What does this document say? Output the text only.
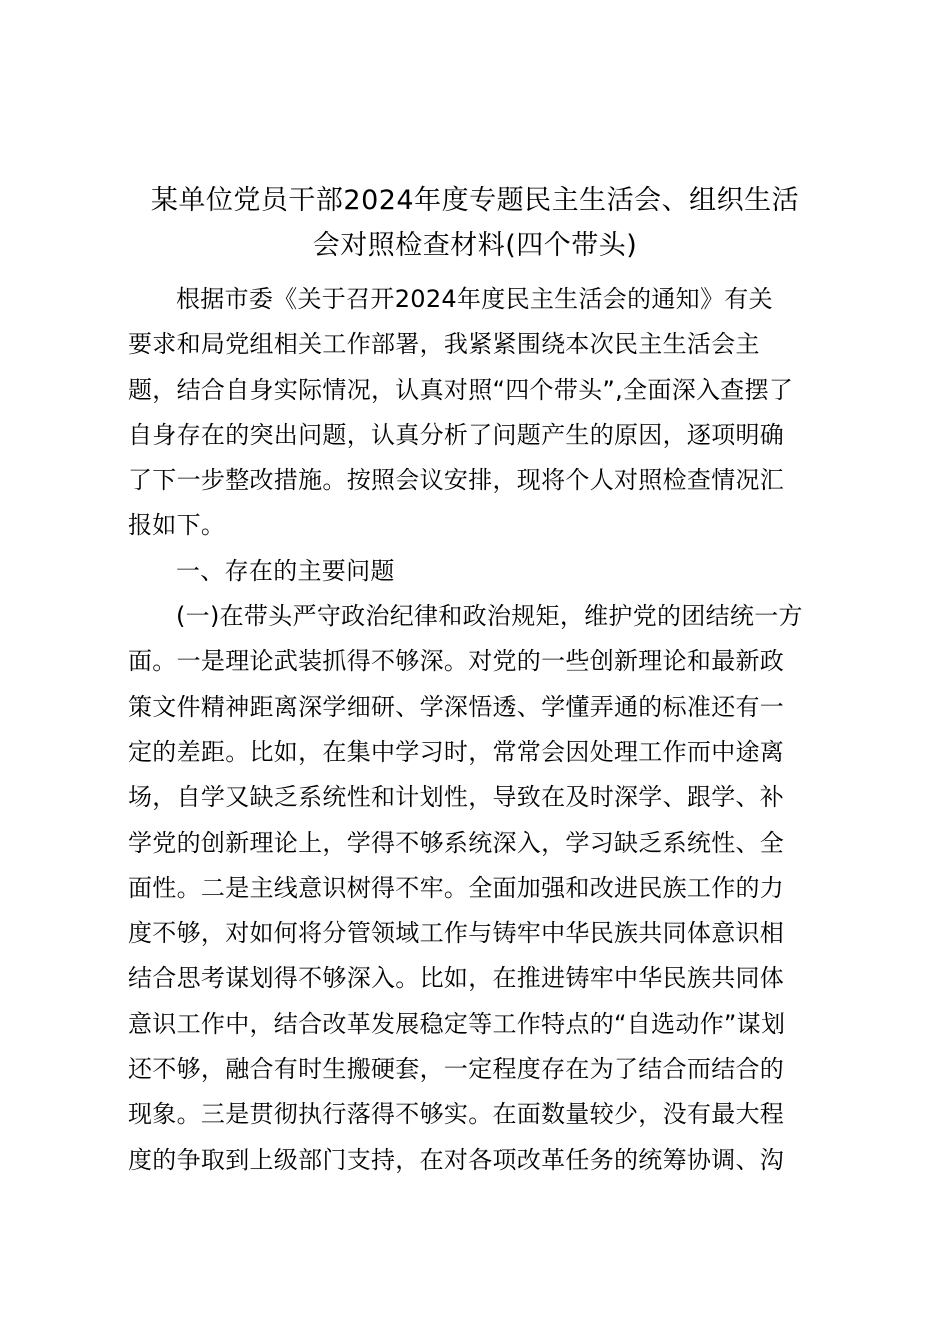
某单位党员干部2024年度专题民主生活会、组织生活
会对照检查材料(四个带头)
根据市委《关于召开2024年度民主生活会的通知》有关
要求和局党组相关工作部署，我紧紧围绕本次民主生活会主
题，结合自身实际情况，认真对照“四个带头”,全面深入查摆了
自身存在的突出问题，认真分析了问题产生的原因，逐项明确
了下一步整改措施。按照会议安排，现将个人对照检查情况汇
报如下。
一、存在的主要问题
(一)在带头严守政治纪律和政治规矩，维护党的团结统一方
面。一是理论武装抓得不够深。对党的一些创新理论和最新政
策文件精神距离深学细研、学深悟透、学懂弄通的标准还有一
定的差距。比如，在集中学习时，常常会因处理工作而中途离
场，自学又缺乏系统性和计划性，导致在及时深学、跟学、补
学党的创新理论上，学得不够系统深入，学习缺乏系统性、全
面性。二是主线意识树得不牢。全面加强和改进民族工作的力
度不够，对如何将分管领域工作与铸牢中华民族共同体意识相
结合思考谋划得不够深入。比如，在推进铸牢中华民族共同体
意识工作中，结合改革发展稳定等工作特点的“自选动作”谋划
还不够，融合有时生搬硬套，一定程度存在为了结合而结合的
现象。三是贯彻执行落得不够实。在面数量较少，没有最大程
度的争取到上级部门支持，在对各项改革任务的统筹协调、沟
